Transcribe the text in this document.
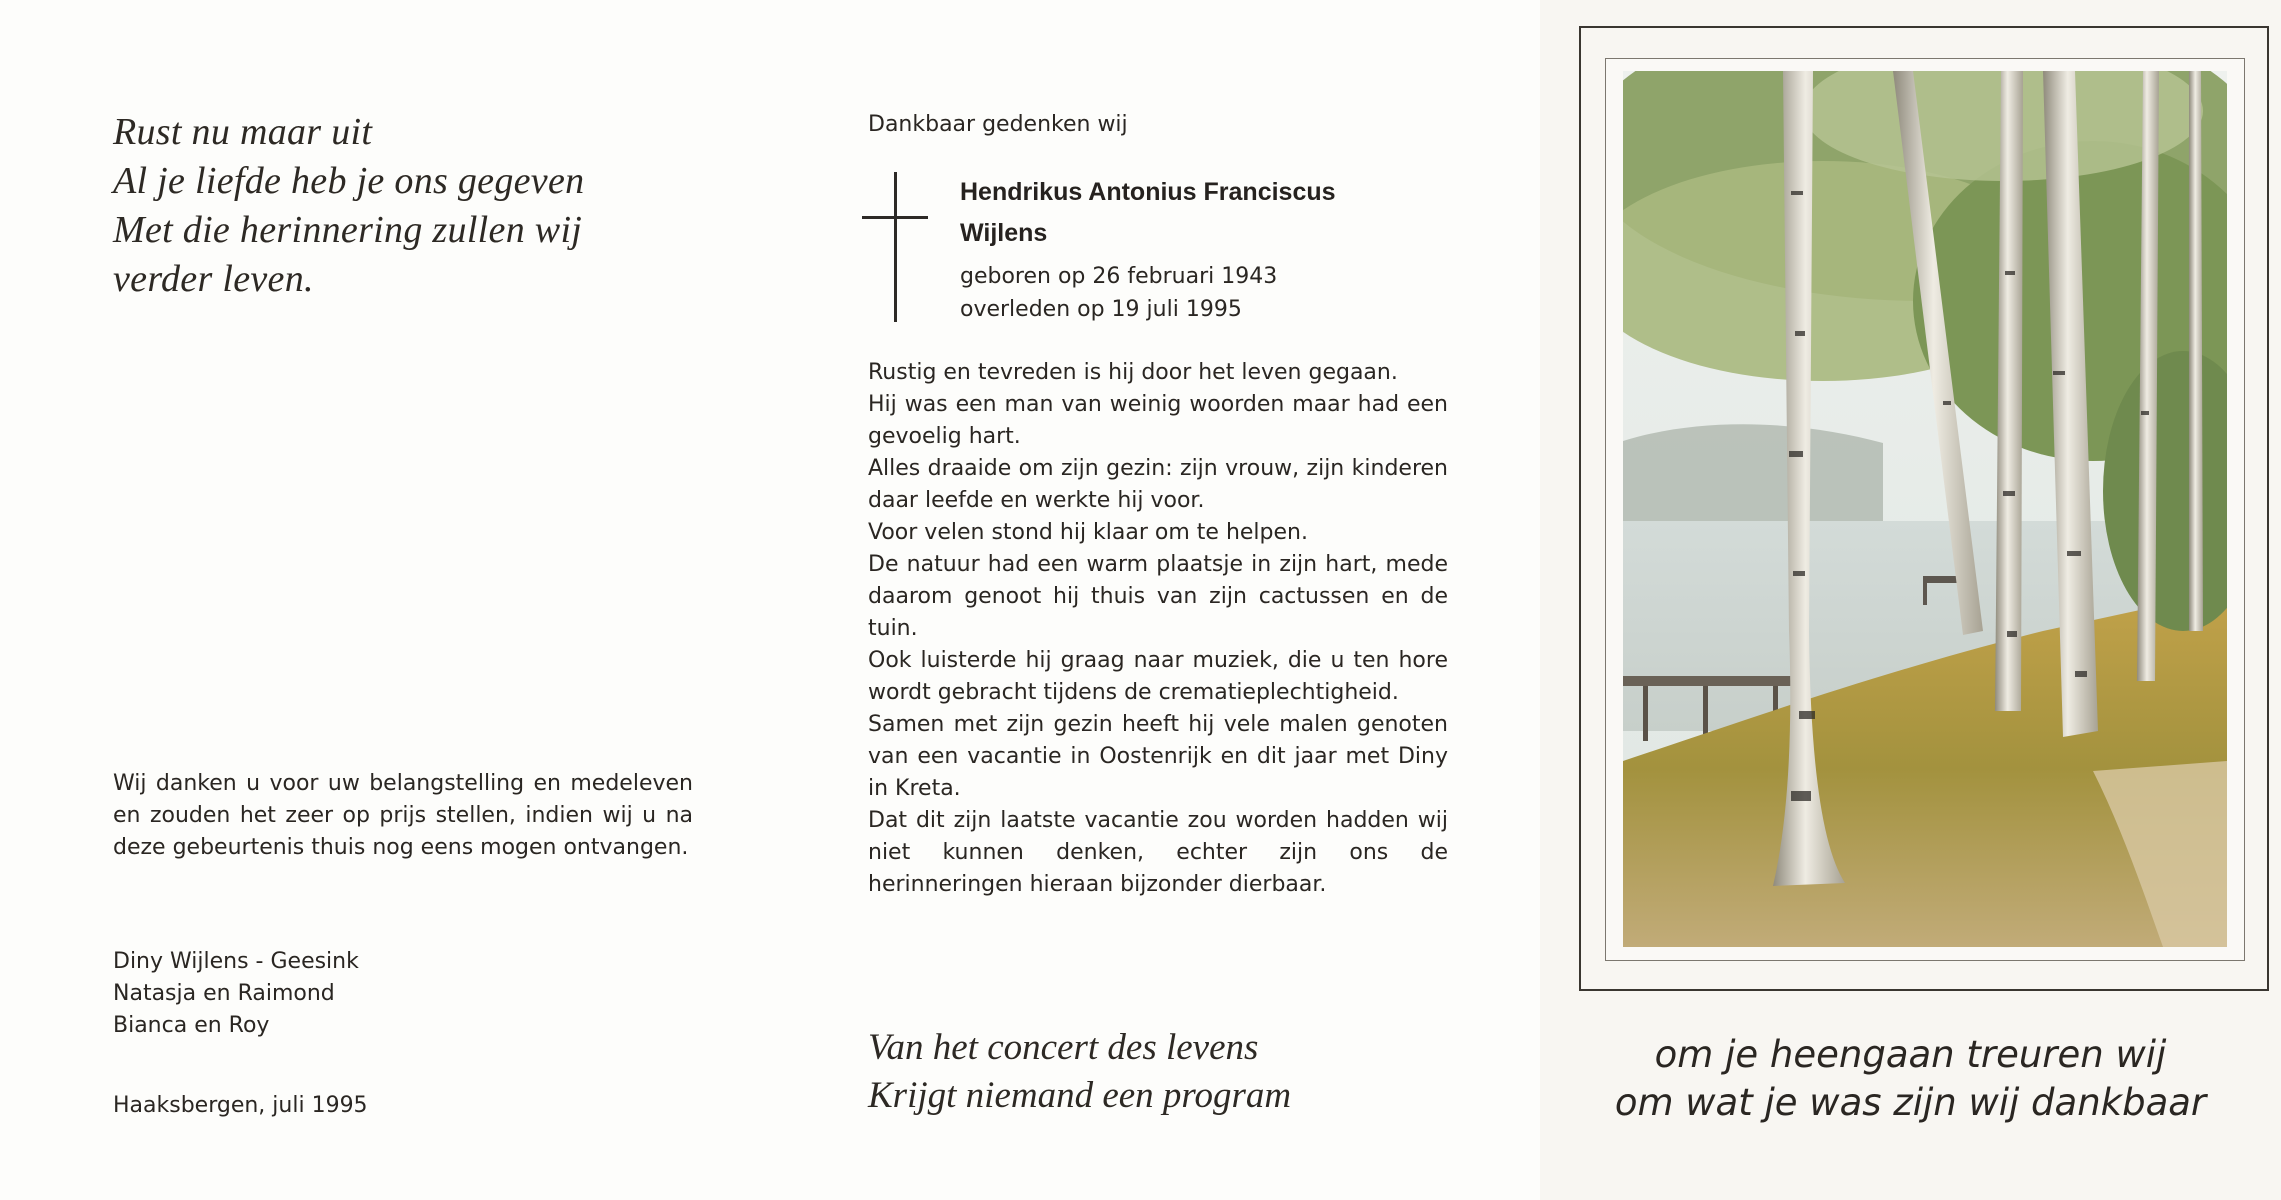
Rust nu maar uit
Al je liefde heb je ons gegeven
Met die herinnering zullen wij
verder leven.
Wij danken u voor uw belangstelling en medeleven en zouden het zeer op prijs stellen, indien wij u na deze gebeurtenis thuis nog eens mogen ontvangen.
Diny Wijlens - Geesink
Natasja en Raimond
Bianca en Roy
Haaksbergen, juli 1995
Dankbaar gedenken wij
Hendrikus Antonius Franciscus
Wijlens
geboren op 26 februari 1943
overleden op 19 juli 1995

Rustig en tevreden is hij door het leven gegaan.

Hij was een man van weinig woorden maar had een gevoelig hart.

Alles draaide om zijn gezin: zijn vrouw, zijn kinderen daar leefde en werkte hij voor.

Voor velen stond hij klaar om te helpen.

De natuur had een warm plaatsje in zijn hart, mede daarom genoot hij thuis van zijn cactussen en de tuin.

Ook luisterde hij graag naar muziek, die u ten hore wordt gebracht tijdens de crematieplechtigheid.

Samen met zijn gezin heeft hij vele malen genoten van een vacantie in Oostenrijk en dit jaar met Diny in Kreta.

Dat dit zijn laatste vacantie zou worden hadden wij niet kunnen denken, echter zijn ons de herinneringen hieraan bijzonder dierbaar.

Van het concert des levens
Krijgt niemand een program
om je heengaan treuren wij
om wat je was zijn wij dankbaar
